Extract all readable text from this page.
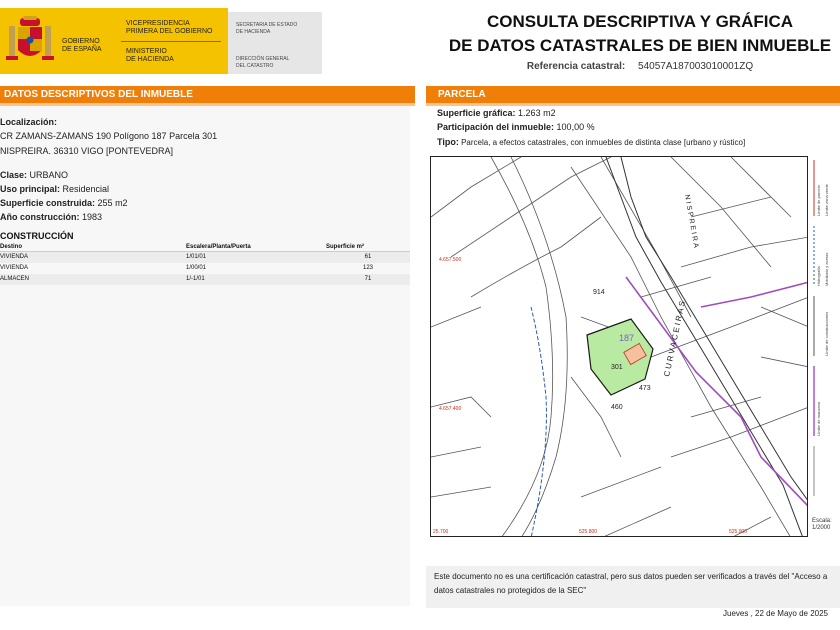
GOBIERNO
DE ESPAÑA
VICEPRESIDENCIA
PRIMERA DEL GOBIERNO
MINISTERIO
DE HACIENDA
SECRETARIA DE ESTADO
DE HACIENDA
DIRECCIÓN GENERAL
DEL CATASTRO
CONSULTA DESCRIPTIVA Y GRÁFICA
DE DATOS CATASTRALES DE BIEN INMUEBLE
Referencia catastral: 54057A187003010001ZQ
DATOS DESCRIPTIVOS DEL INMUEBLE	PARCELA
Localización:
CR ZAMANS-ZAMANS 190 Polígono 187 Parcela 301
NISPREIRA. 36310 VIGO [PONTEVEDRA]
Clase: URBANO
Uso principal: Residencial
Superficie construida: 255 m2
Año construcción: 1983
CONSTRUCCIÓN
Destino	Escalera/Planta/Puerta	Superficie m²
VIVIENDA	1/01/01	61
VIVIENDA	1/00/01	123
ALMACEN	1/-1/01	71
Superficie gráfica: 1.263 m2
Participación del inmueble: 100,00 %
Tipo: Parcela, a efectos catastrales, con inmuebles de distinta clase [urbano y rústico]
914
187
301
473
460
CURVACEIRAS
NISPREIRA
4.657.500
4.657.400
25.700	525.800	525.900
Límite de parcela
Hidrografía
Límite zona verde
Límite de manzana
Límite de construcciones
Mobiliario y aceras
Escala:
1/2000
Este documento no es una certificación catastral, pero sus datos pueden ser verificados a través del "Acceso a datos catastrales no protegidos de la SEC"
Jueves , 22 de Mayo de 2025
